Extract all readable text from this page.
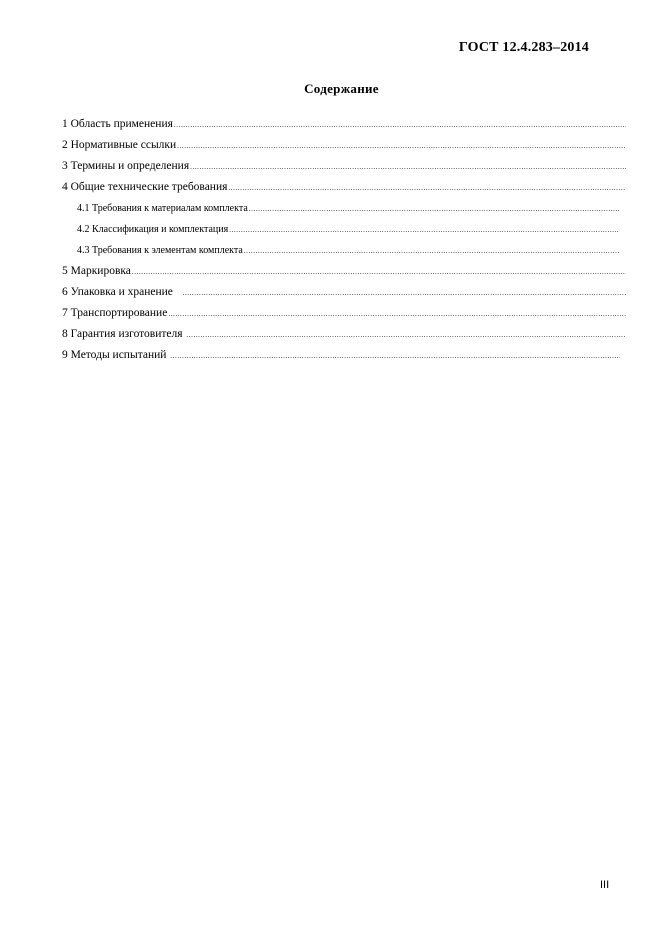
ГОСТ 12.4.283–2014
Содержание
1 Область применения
.....
2 Нормативные ссылки
.....
3 Термины и определения
.....
4 Общие технические требования
.....
4.1 Требования к материалам комплекта
.....
4.2 Классификация и комплектация
.....
4.3 Требования к элементам комплекта
.....
5 Маркировка
.....
6 Упаковка и хранение
.....
7 Транспортирование
.....
8 Гарантия изготовителя
.....
9 Методы испытаний
.....
III
